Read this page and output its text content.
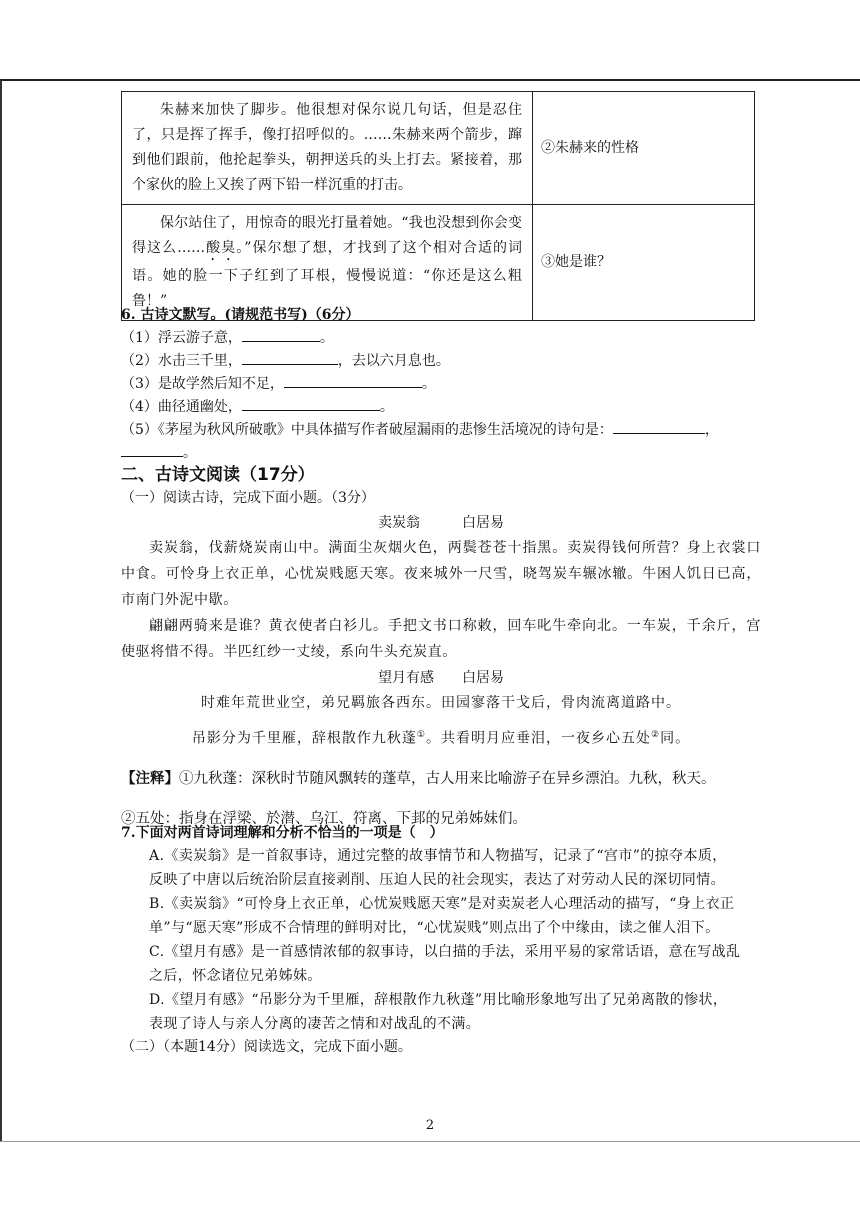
朱赫来加快了脚步。他很想对保尔说几句话，但是忍住了，只是挥了挥手，像打招呼似的。……朱赫来两个箭步，蹿到他们跟前，他抡起拳头，朝押送兵的头上打去。紧接着，那个家伙的脸上又挨了两下铅一样沉重的打击。	②朱赫来的性格
保尔站住了，用惊奇的眼光打量着她。“我也没想到你会变得这么……酸臭。”保尔想了想，才找到了这个相对合适的词语。她的脸一下子红到了耳根，慢慢说道：“你还是这么粗鲁！”	③她是谁？
6. 古诗文默写。(请规范书写)（6分）
（1）浮云游子意，	。
（2）水击三千里，	，去以六月息也。
（3）是故学然后知不足，	。
（4）曲径通幽处，	。
（5）《茅屋为秋风所破歌》中具体描写作者破屋漏雨的悲惨生活境况的诗句是：	，
。
二、古诗文阅读（17分）
（一）阅读古诗，完成下面小题。（3分）
卖炭翁　　　白居易
卖炭翁，伐薪烧炭南山中。满面尘灰烟火色，两鬓苍苍十指黑。卖炭得钱何所营？身上衣裳口中食。可怜身上衣正单，心忧炭贱愿天寒。夜来城外一尺雪，晓驾炭车辗冰辙。牛困人饥日已高，市南门外泥中歇。
翩翩两骑来是谁？黄衣使者白衫儿。手把文书口称敕，回车叱牛牵向北。一车炭，千余斤，宫使驱将惜不得。半匹红纱一丈绫，系向牛头充炭直。
望月有感　　白居易
时难年荒世业空，弟兄羁旅各西东。田园寥落干戈后，骨肉流离道路中。
吊影分为千里雁，辞根散作九秋蓬①。共看明月应垂泪，一夜乡心五处②同。
【注释】①九秋蓬：深秋时节随风飘转的蓬草，古人用来比喻游子在异乡漂泊。九秋，秋天。
②五处：指身在浮梁、於潜、乌江、符离、下邽的兄弟姊妹们。
7.下面对两首诗词理解和分析不恰当的一项是（　）
A.《卖炭翁》是一首叙事诗，通过完整的故事情节和人物描写，记录了“宫市”的掠夺本质，反映了中唐以后统治阶层直接剥削、压迫人民的社会现实，表达了对劳动人民的深切同情。
B.《卖炭翁》“可怜身上衣正单，心忧炭贱愿天寒”是对卖炭老人心理活动的描写，“身上衣正单”与“愿天寒”形成不合情理的鲜明对比，“心忧炭贱”则点出了个中缘由，读之催人泪下。
C.《望月有感》是一首感情浓郁的叙事诗，以白描的手法，采用平易的家常话语，意在写战乱之后，怀念诸位兄弟姊妹。
D.《望月有感》“吊影分为千里雁，辞根散作九秋蓬”用比喻形象地写出了兄弟离散的惨状，表现了诗人与亲人分离的凄苦之情和对战乱的不满。
（二）（本题14分）阅读选文，完成下面小题。
2
